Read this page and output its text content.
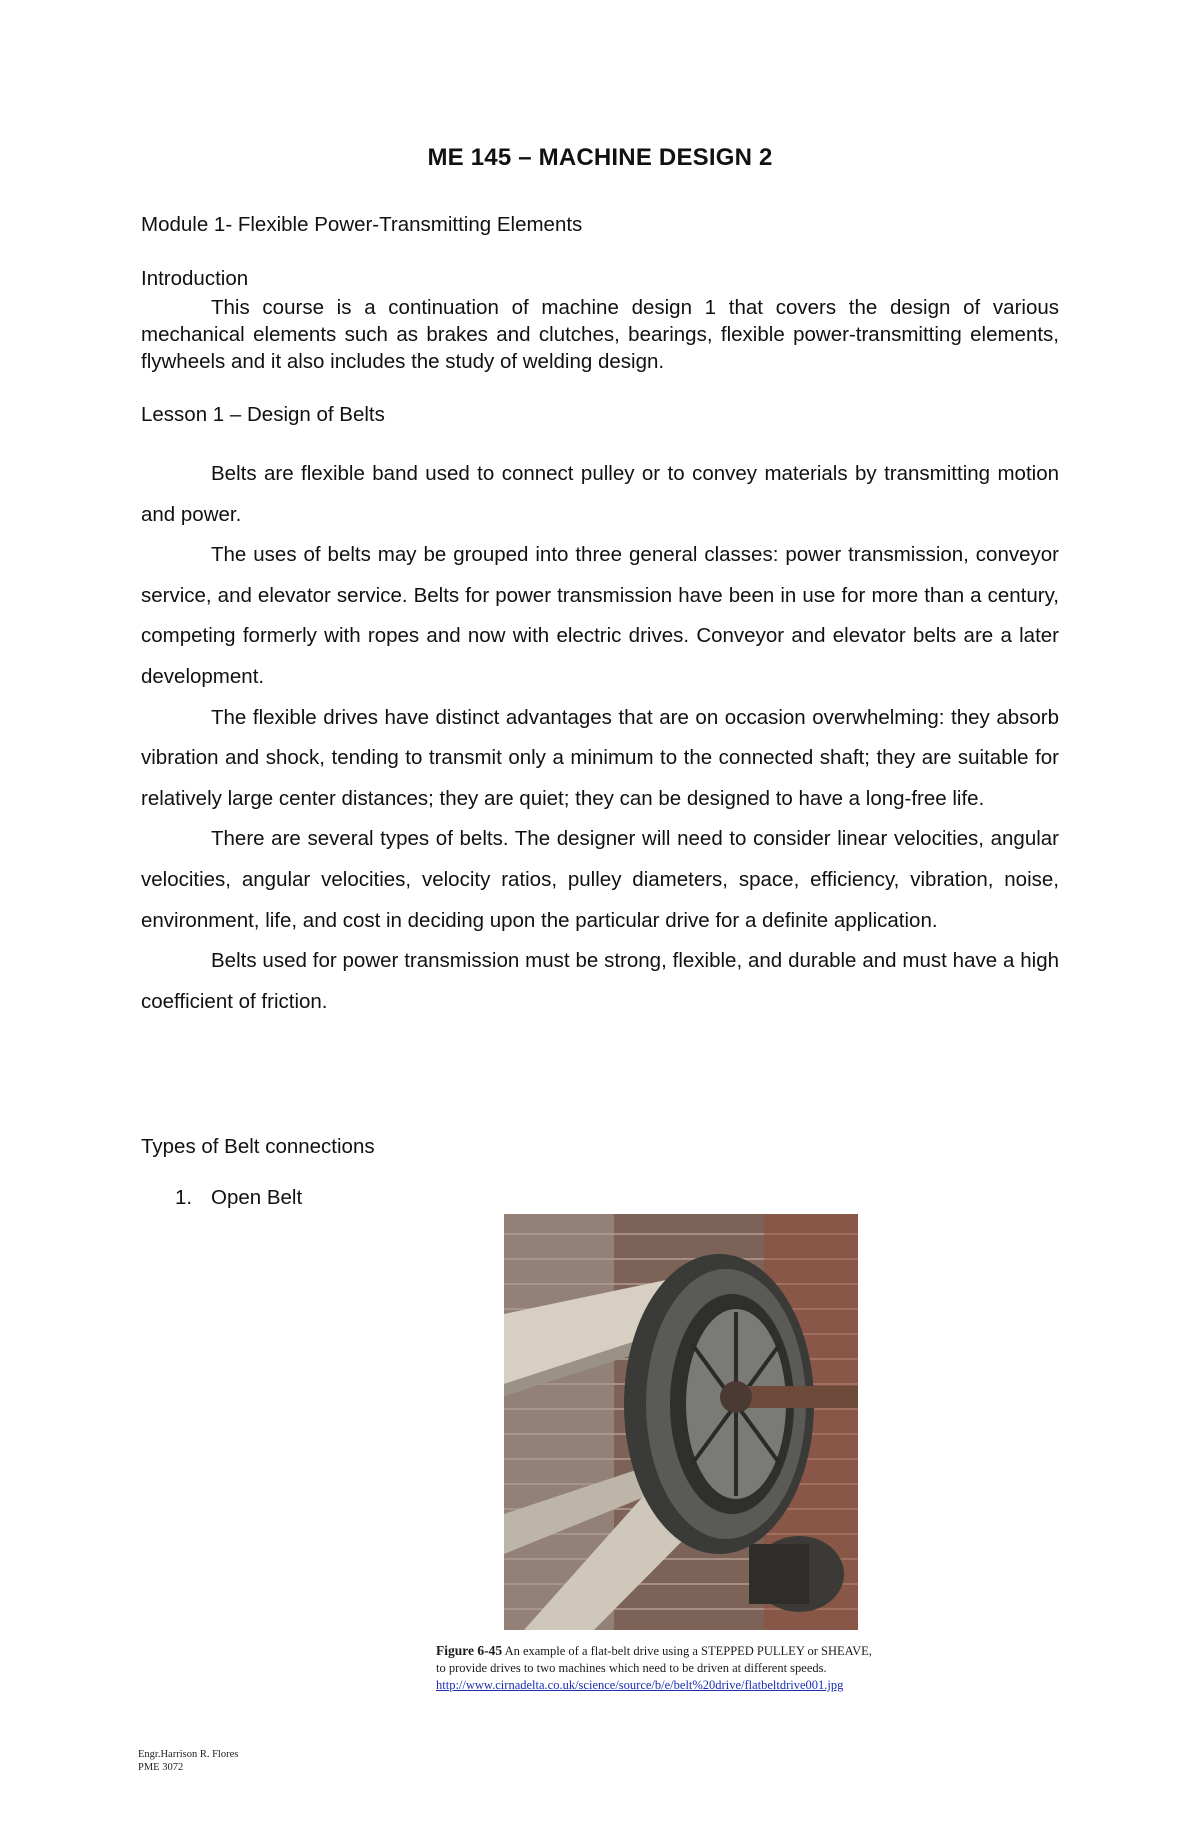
ME 145 – MACHINE DESIGN 2
Module 1- Flexible Power-Transmitting Elements
Introduction
This course is a continuation of machine design 1 that covers the design of various mechanical elements such as brakes and clutches, bearings, flexible power-transmitting elements, flywheels and it also includes the study of welding design.
Lesson 1 – Design of Belts

Belts are flexible band used to connect pulley or to convey materials by transmitting motion and power.

The uses of belts may be grouped into three general classes: power transmission, conveyor service, and elevator service. Belts for power transmission have been in use for more than a century, competing formerly with ropes and now with electric drives. Conveyor and elevator belts are a later development.

The flexible drives have distinct advantages that are on occasion overwhelming: they absorb vibration and shock, tending to transmit only a minimum to the connected shaft; they are suitable for relatively large center distances; they are quiet; they can be designed to have a long-free life.

There are several types of belts. The designer will need to consider linear velocities, angular velocities, angular velocities, velocity ratios, pulley diameters, space, efficiency, vibration, noise, environment, life, and cost in deciding upon the particular drive for a definite application.

Belts used for power transmission must be strong, flexible, and durable and must have a high coefficient of friction.

Types of Belt connections
1. Open Belt
Figure 6-45 An example of a flat-belt drive using a STEPPED PULLEY or SHEAVE,
to provide drives to two machines which need to be driven at different speeds.
http://www.cirnadelta.co.uk/science/source/b/e/belt%20drive/flatbeltdrive001.jpg
Engr.Harrison R. Flores
PME 3072
